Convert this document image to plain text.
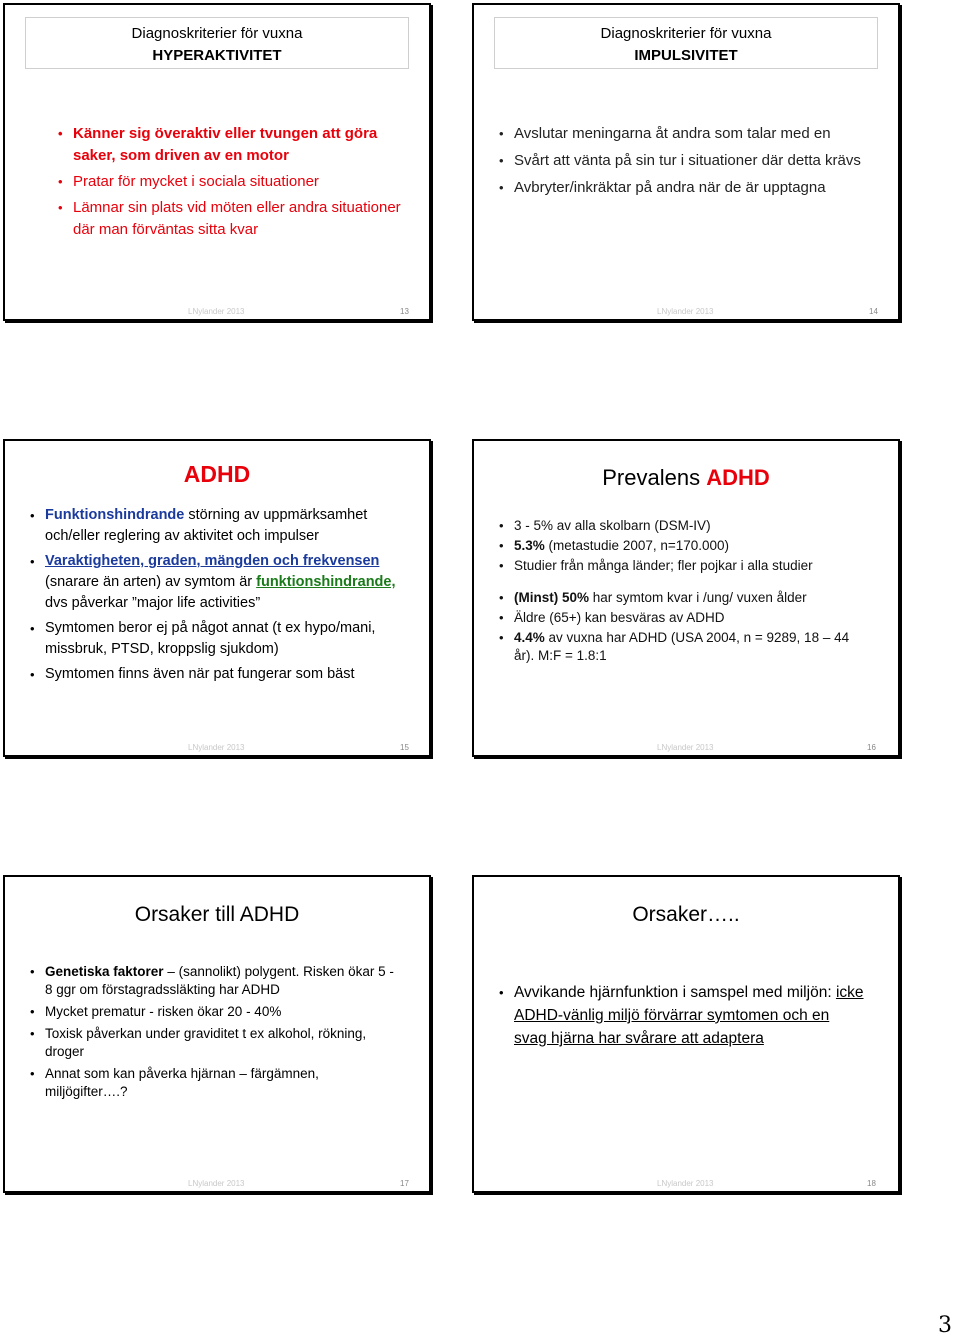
Diagnoskriterier för vuxna
HYPERAKTIVITET
• Känner sig överaktiv eller tvungen att göra saker, som driven av en motor
• Pratar för mycket i sociala situationer
• Lämnar sin plats vid möten eller andra situationer där man förväntas sitta kvar
LNylander 2013	13
Diagnoskriterier för vuxna
IMPULSIVITET
• Avslutar meningarna åt andra som talar med en
• Svårt att vänta på sin tur i situationer där detta krävs
• Avbryter/inkräktar på andra när de är upptagna
LNylander 2013	14
ADHD
• Funktionshindrande störning av uppmärksamhet och/eller reglering av aktivitet och impulser
• Varaktigheten, graden, mängden och frekvensen (snarare än arten) av symtom är funktionshindrande, dvs påverkar ”major life activities”
• Symtomen beror ej på något annat (t ex hypo/mani, missbruk, PTSD, kroppslig sjukdom)
• Symtomen finns även när pat fungerar som bäst
LNylander 2013	15
Prevalens ADHD
• 3 - 5% av alla skolbarn (DSM-IV)
• 5.3% (metastudie 2007, n=170.000)
• Studier från många länder; fler pojkar i alla studier
• (Minst) 50% har symtom kvar i /ung/ vuxen ålder
• Äldre (65+) kan besväras av ADHD
• 4.4% av vuxna har ADHD (USA 2004, n = 9289, 18 – 44 år). M:F = 1.8:1
LNylander 2013	16
Orsaker till ADHD
• Genetiska faktorer – (sannolikt) polygent. Risken ökar 5 - 8 ggr om förstagradssläkting har ADHD
• Mycket prematur - risken ökar 20 - 40%
• Toxisk påverkan under graviditet t ex alkohol, rökning, droger
• Annat som kan påverka hjärnan – färgämnen, miljögifter….?
LNylander 2013	17
Orsaker…..
• Avvikande hjärnfunktion i samspel med miljön: icke ADHD-vänlig miljö förvärrar symtomen och en svag hjärna har svårare att adaptera
LNylander 2013	18
3
